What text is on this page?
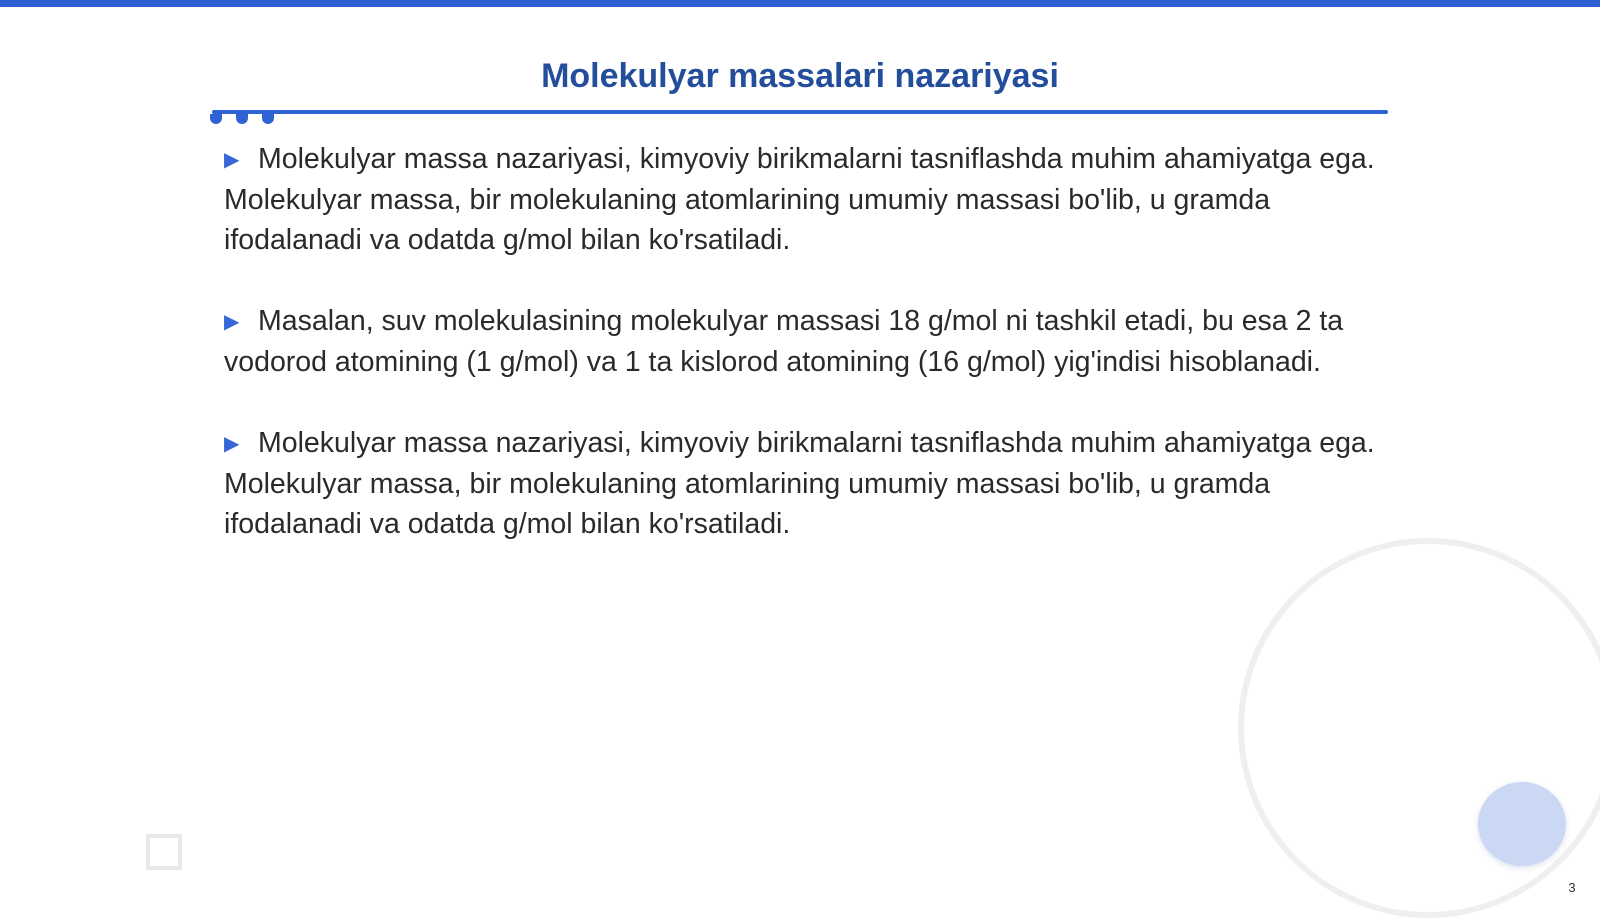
Molekulyar massalari nazariyasi

▶ Molekulyar massa nazariyasi, kimyoviy birikmalarni tasniflashda muhim ahamiyatga ega. Molekulyar massa, bir molekulaning atomlarining umumiy massasi bo'lib, u gramda ifodalanadi va odatda g/mol bilan ko'rsatiladi.

▶ Masalan, suv molekulasining molekulyar massasi 18 g/mol ni tashkil etadi, bu esa 2 ta vodorod atomining (1 g/mol) va 1 ta kislorod atomining (16 g/mol) yig'indisi hisoblanadi.

▶ Molekulyar massa nazariyasi, kimyoviy birikmalarni tasniflashda muhim ahamiyatga ega. Molekulyar massa, bir molekulaning atomlarining umumiy massasi bo'lib, u gramda ifodalanadi va odatda g/mol bilan ko'rsatiladi.

3
